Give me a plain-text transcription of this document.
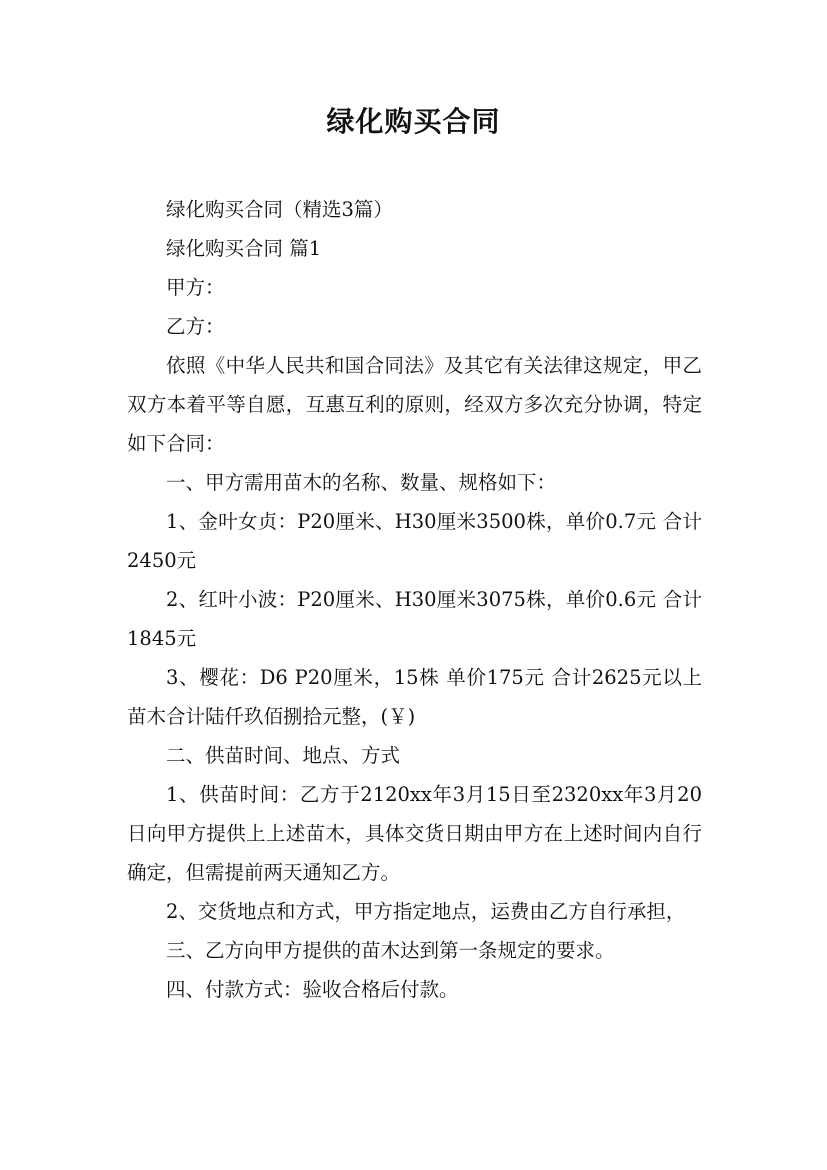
绿化购买合同

绿化购买合同（精选3篇）

绿化购买合同 篇1

甲方：

乙方：

依照《中华人民共和国合同法》及其它有关法律这规定，甲乙双方本着平等自愿，互惠互利的原则，经双方多次充分协调，特定如下合同：

一、甲方需用苗木的名称、数量、规格如下：

1、金叶女贞：P20厘米、H30厘米3500株，单价0.7元 合计2450元

2、红叶小波：P20厘米、H30厘米3075株，单价0.6元 合计1845元

3、樱花：D6 P20厘米，15株 单价175元 合计2625元以上苗木合计陆仟玖佰捌拾元整，(￥)

二、供苗时间、地点、方式

1、供苗时间：乙方于2120xx年3月15日至2320xx年3月20日向甲方提供上上述苗木，具体交货日期由甲方在上述时间内自行确定，但需提前两天通知乙方。

2、交货地点和方式，甲方指定地点，运费由乙方自行承担，

三、乙方向甲方提供的苗木达到第一条规定的要求。

四、付款方式：验收合格后付款。
